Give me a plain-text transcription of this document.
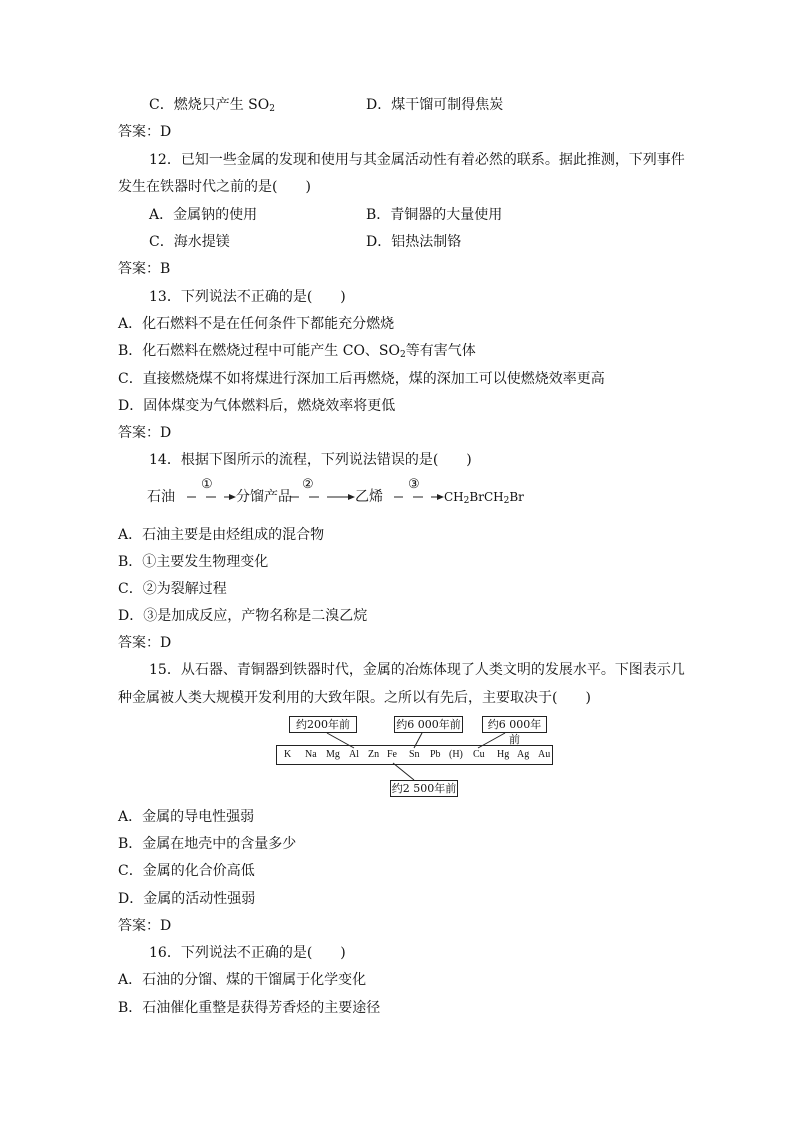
C．燃烧只产生 $SO_2$	D．煤干馏可制得焦炭
答案：D
12．已知一些金属的发现和使用与其金属活动性有着必然的联系。据此推测，下列事件
发生在铁器时代之前的是(　　)
A．金属钠的使用	B．青铜器的大量使用
C．海水提镁	D．铝热法制铬
答案：B
13．下列说法不正确的是(　　)
A．化石燃料不是在任何条件下都能充分燃烧
B．化石燃料在燃烧过程中可能产生 CO、$SO_2$等有害气体
C．直接燃烧煤不如将煤进行深加工后再燃烧，煤的深加工可以使燃烧效率更高
D．固体煤变为气体燃料后，燃烧效率将更低
答案：D
14．根据下图所示的流程，下列说法错误的是(　　)
石油
①
分馏产品
②
乙烯
③
$CH_2BrCH_2Br$
A．石油主要是由烃组成的混合物
B．①主要发生物理变化
C．②为裂解过程
D．③是加成反应，产物名称是二溴乙烷
答案：D
15．从石器、青铜器到铁器时代，金属的冶炼体现了人类文明的发展水平。下图表示几
种金属被人类大规模开发利用的大致年限。之所以有先后，主要取决于(　　)
约200年前	约6 000年前	约6 000年前
约2 500年前
K Na Mg Al Zn Fe Sn Pb (H) Cu Hg Ag Au
A．金属的导电性强弱
B．金属在地壳中的含量多少
C．金属的化合价高低
D．金属的活动性强弱
答案：D
16．下列说法不正确的是(　　)
A．石油的分馏、煤的干馏属于化学变化
B．石油催化重整是获得芳香烃的主要途径
